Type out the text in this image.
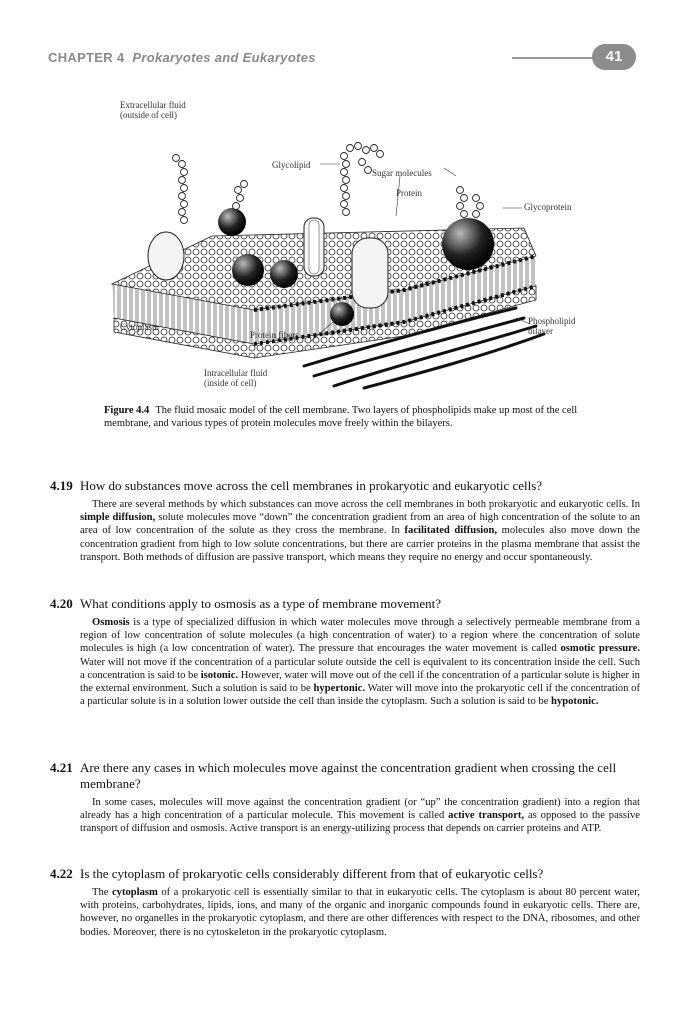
CHAPTER 4 Prokaryotes and Eukaryotes	41
Extracellular fluid (outside of cell)
Glycolipid
Sugar molecules
Protein
Glycoprotein
Cytoplasm
Protein fibers
Phospholipid bilayer
Intracellular fluid (inside of cell)
Figure 4.4 The fluid mosaic model of the cell membrane. Two layers of phospholipids make up most of the cell membrane, and various types of protein molecules move freely within the bilayers.
4.19 How do substances move across the cell membranes in prokaryotic and eukaryotic cells?
There are several methods by which substances can move across the cell membranes in both prokaryotic and eukaryotic cells. In simple diffusion, solute molecules move “down” the concentration gradient from an area of high concentration of the solute to an area of low concentration of the solute as they cross the membrane. In facilitated diffusion, molecules also move down the concentration gradient from high to low solute concentrations, but there are carrier proteins in the plasma membrane that assist the transport. Both methods of diffusion are passive transport, which means they require no energy and occur spontaneously.
4.20 What conditions apply to osmosis as a type of membrane movement?
Osmosis is a type of specialized diffusion in which water molecules move through a selectively permeable membrane from a region of low concentration of solute molecules (a high concentration of water) to a region where the concentration of solute molecules is high (a low concentration of water). The pressure that encourages the water movement is called osmotic pressure. Water will not move if the concentration of a particular solute outside the cell is equivalent to its concentration inside the cell. Such a concentration is said to be isotonic. However, water will move out of the cell if the concentration of a particular solute is higher in the external environment. Such a solution is said to be hypertonic. Water will move into the prokaryotic cell if the concentration of a particular solute is in a solution lower outside the cell than inside the cytoplasm. Such a solution is said to be hypotonic.
4.21 Are there any cases in which molecules move against the concentration gradient when crossing the cell membrane?
In some cases, molecules will move against the concentration gradient (or “up” the concentration gradient) into a region that already has a high concentration of a particular molecule. This movement is called active transport, as opposed to the passive transport of diffusion and osmosis. Active transport is an energy-utilizing process that depends on carrier proteins and ATP.
4.22 Is the cytoplasm of prokaryotic cells considerably different from that of eukaryotic cells?
The cytoplasm of a prokaryotic cell is essentially similar to that in eukaryotic cells. The cytoplasm is about 80 percent water, with proteins, carbohydrates, lipids, ions, and many of the organic and inorganic compounds found in eukaryotic cells. There are, however, no organelles in the prokaryotic cytoplasm, and there are other differences with respect to the DNA, ribosomes, and other bodies. Moreover, there is no cytoskeleton in the prokaryotic cytoplasm.
